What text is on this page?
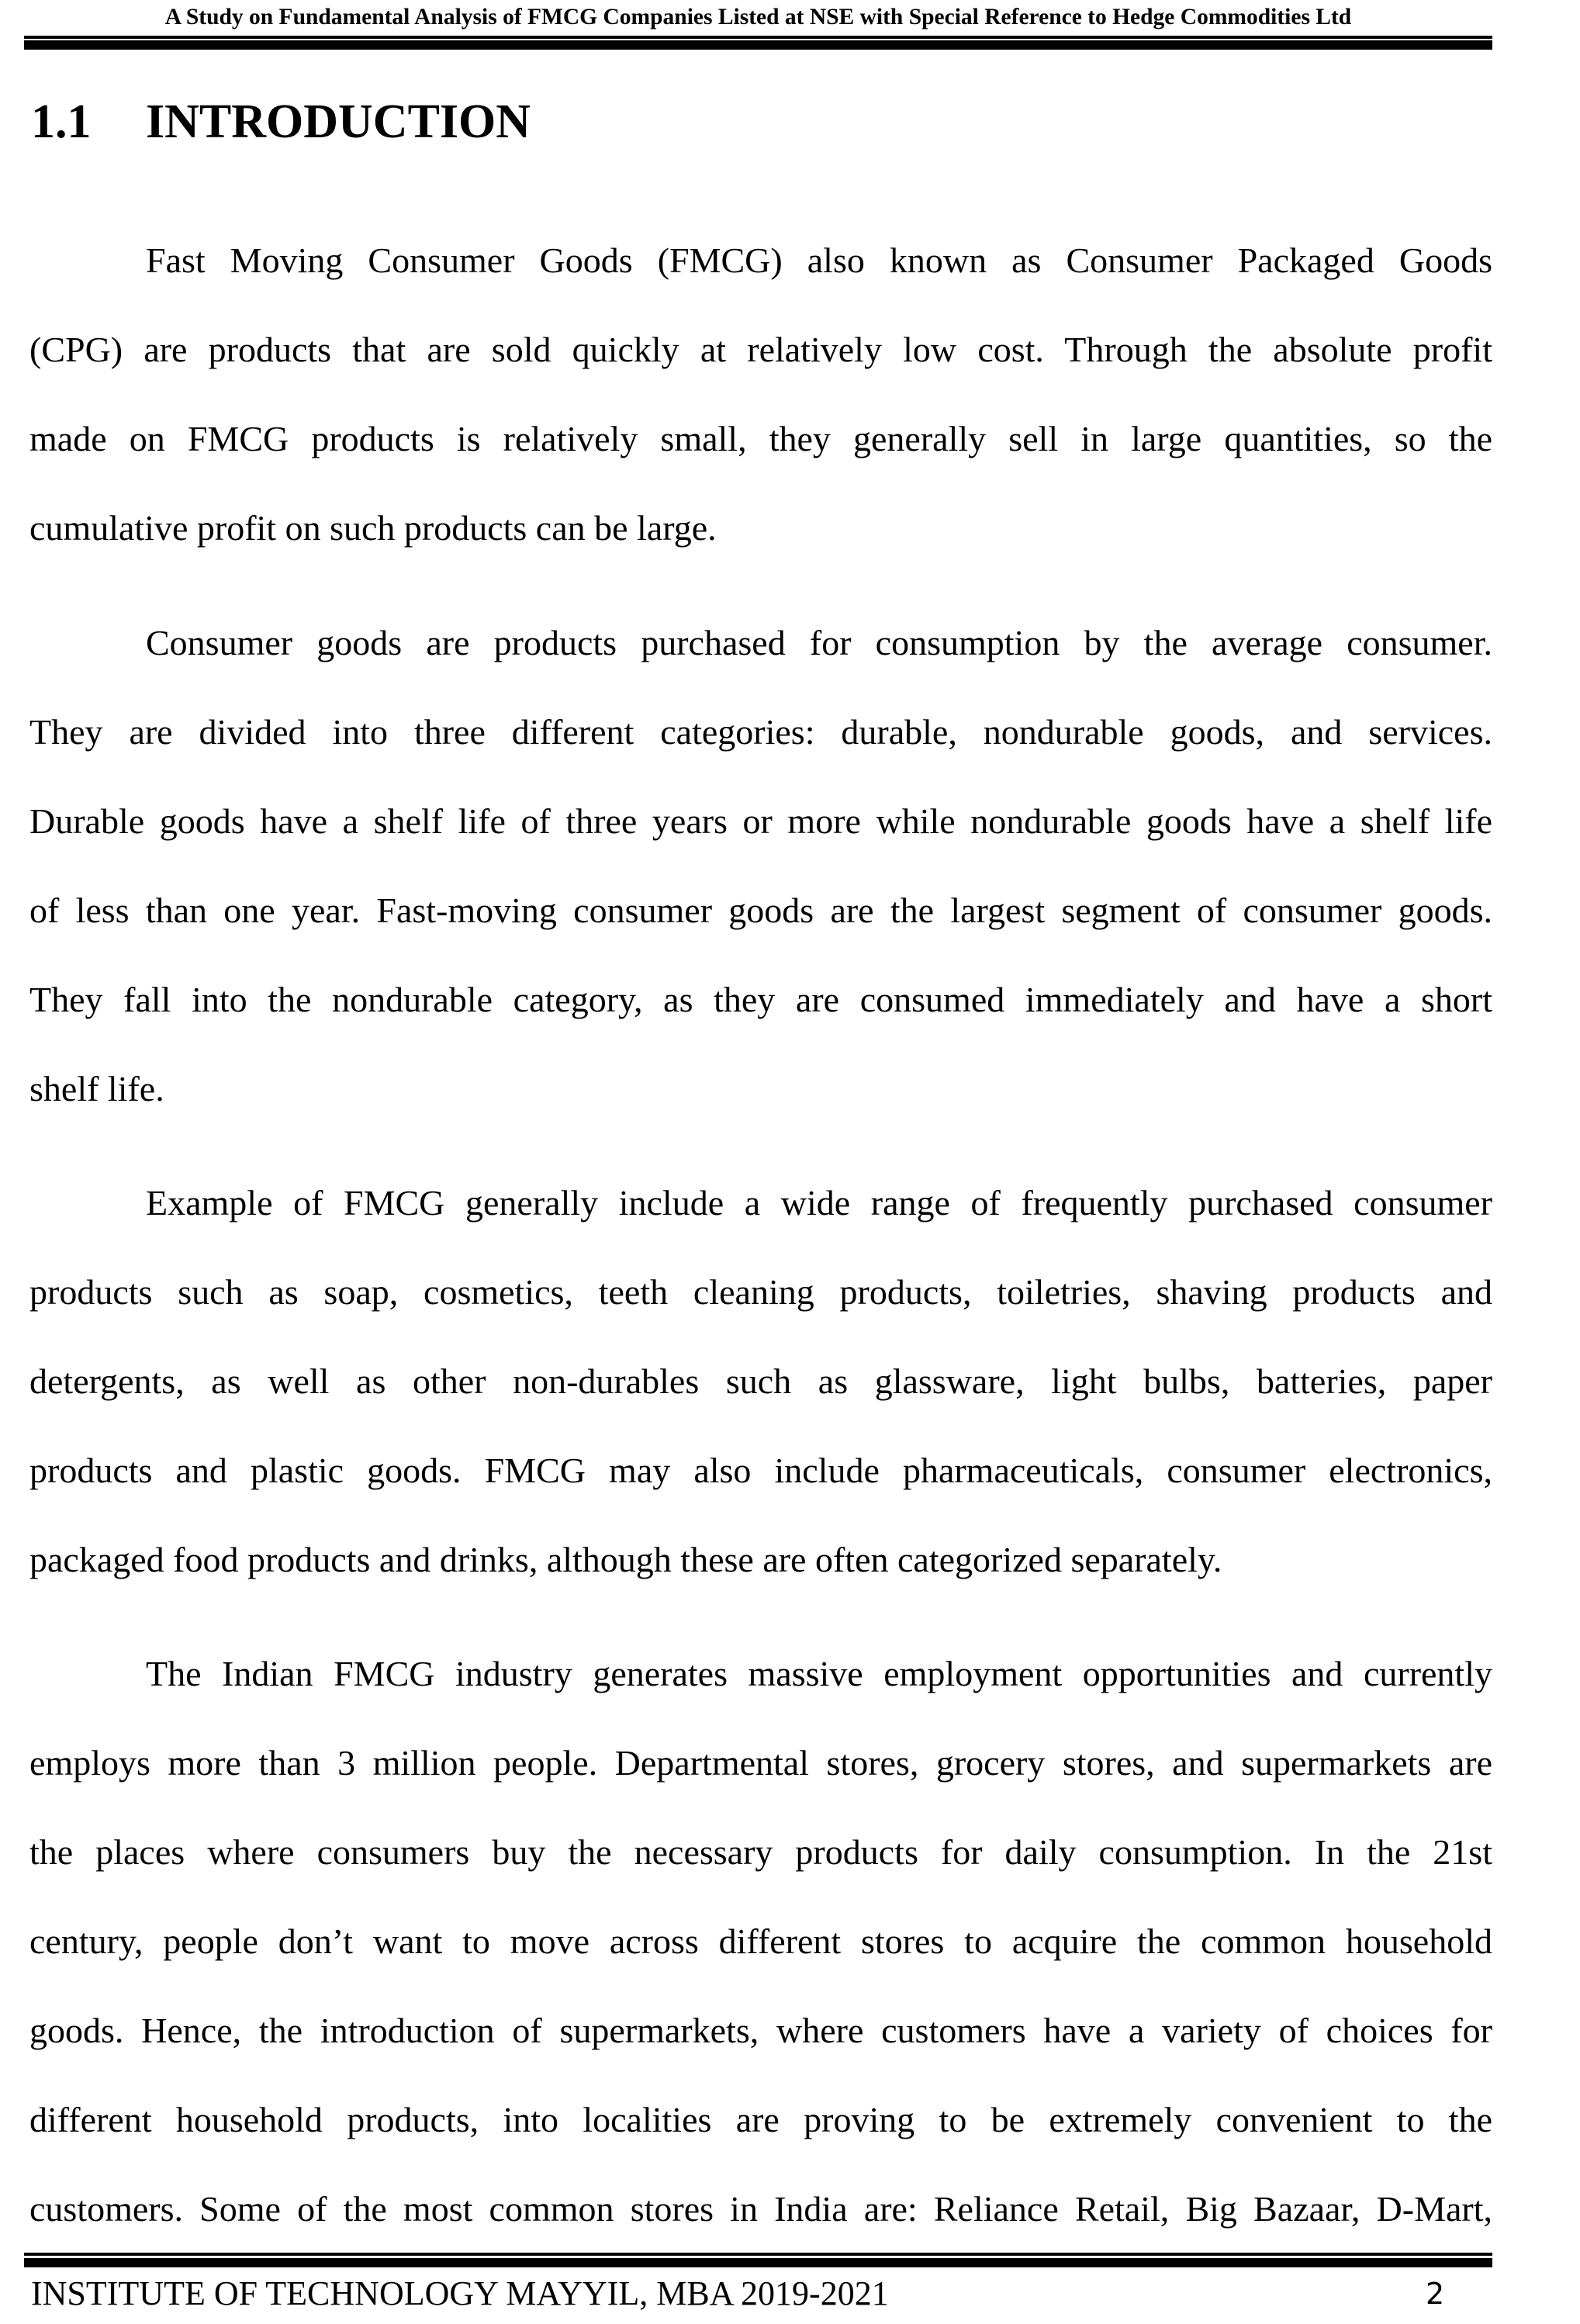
A Study on Fundamental Analysis of FMCG Companies Listed at NSE with Special Reference to Hedge Commodities Ltd
1.1 INTRODUCTION
Fast Moving Consumer Goods (FMCG) also known as Consumer Packaged Goods
(CPG) are products that are sold quickly at relatively low cost. Through the absolute profit
made on FMCG products is relatively small, they generally sell in large quantities, so the
cumulative profit on such products can be large.
Consumer goods are products purchased for consumption by the average consumer.
They are divided into three different categories: durable, nondurable goods, and services.
Durable goods have a shelf life of three years or more while nondurable goods have a shelf life
of less than one year. Fast-moving consumer goods are the largest segment of consumer goods.
They fall into the nondurable category, as they are consumed immediately and have a short
shelf life.
Example of FMCG generally include a wide range of frequently purchased consumer
products such as soap, cosmetics, teeth cleaning products, toiletries, shaving products and
detergents, as well as other non-durables such as glassware, light bulbs, batteries, paper
products and plastic goods. FMCG may also include pharmaceuticals, consumer electronics,
packaged food products and drinks, although these are often categorized separately.
The Indian FMCG industry generates massive employment opportunities and currently
employs more than 3 million people. Departmental stores, grocery stores, and supermarkets are
the places where consumers buy the necessary products for daily consumption. In the 21st
century, people don’t want to move across different stores to acquire the common household
goods. Hence, the introduction of supermarkets, where customers have a variety of choices for
different household products, into localities are proving to be extremely convenient to the
customers. Some of the most common stores in India are: Reliance Retail, Big Bazaar, D-Mart,
INSTITUTE OF TECHNOLOGY MAYYIL, MBA 2019-2021	2
